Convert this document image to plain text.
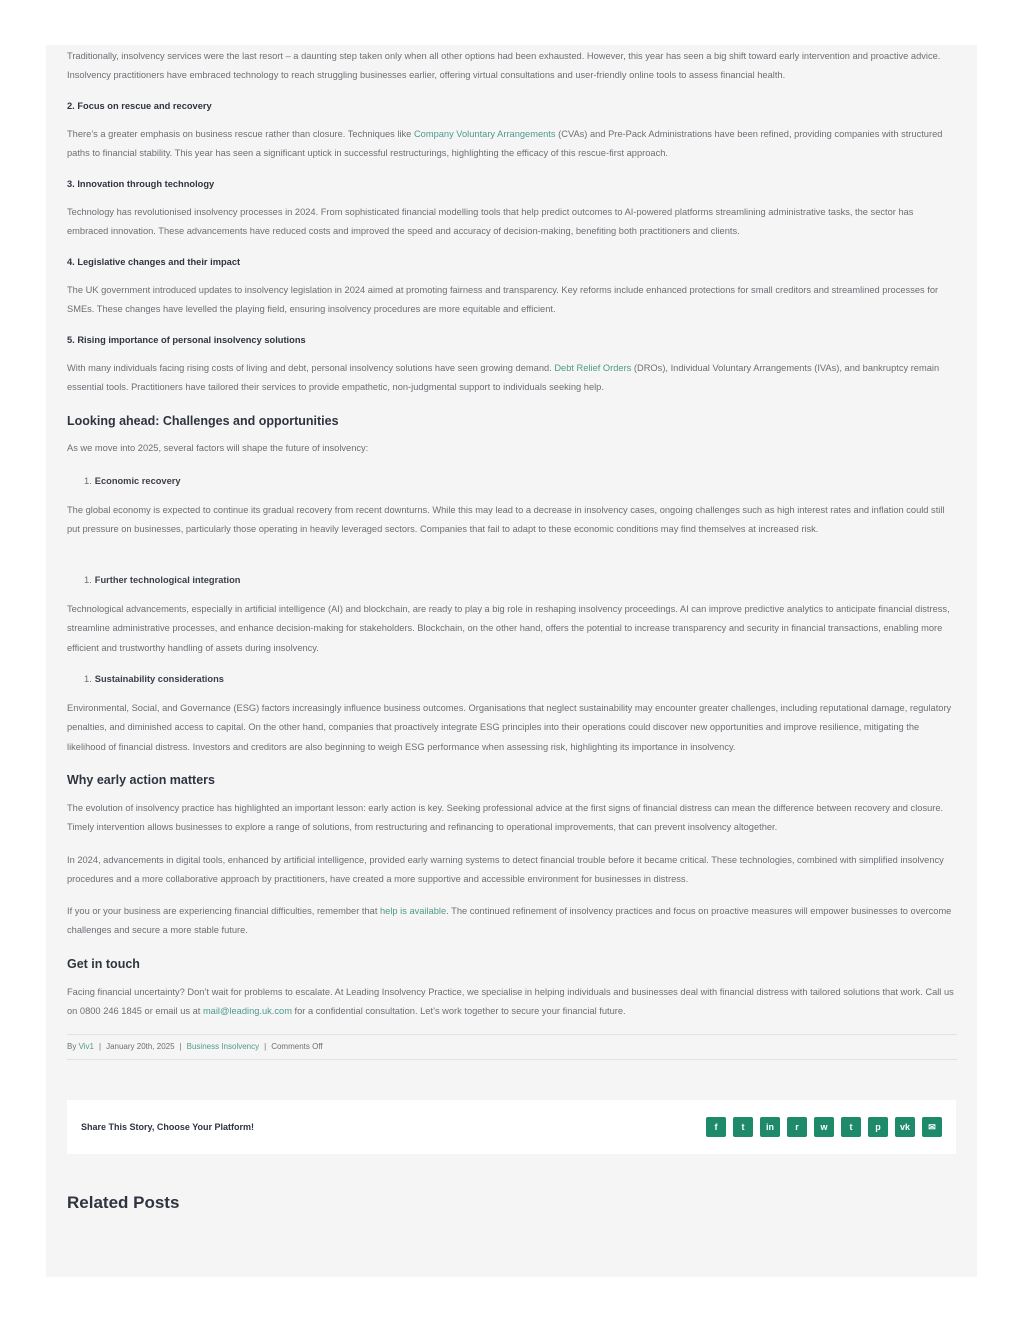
Traditionally, insolvency services were the last resort – a daunting step taken only when all other options had been exhausted. However, this year has seen a big shift toward early intervention and proactive advice. Insolvency practitioners have embraced technology to reach struggling businesses earlier, offering virtual consultations and user-friendly online tools to assess financial health.

2. Focus on rescue and recovery

There’s a greater emphasis on business rescue rather than closure. Techniques like Company Voluntary Arrangements (CVAs) and Pre-Pack Administrations have been refined, providing companies with structured paths to financial stability. This year has seen a significant uptick in successful restructurings, highlighting the efficacy of this rescue-first approach.

3. Innovation through technology

Technology has revolutionised insolvency processes in 2024. From sophisticated financial modelling tools that help predict outcomes to AI-powered platforms streamlining administrative tasks, the sector has embraced innovation. These advancements have reduced costs and improved the speed and accuracy of decision-making, benefiting both practitioners and clients.

4. Legislative changes and their impact

The UK government introduced updates to insolvency legislation in 2024 aimed at promoting fairness and transparency. Key reforms include enhanced protections for small creditors and streamlined processes for SMEs. These changes have levelled the playing field, ensuring insolvency procedures are more equitable and efficient.

5. Rising importance of personal insolvency solutions

With many individuals facing rising costs of living and debt, personal insolvency solutions have seen growing demand. Debt Relief Orders (DROs), Individual Voluntary Arrangements (IVAs), and bankruptcy remain essential tools. Practitioners have tailored their services to provide empathetic, non-judgmental support to individuals seeking help.

Looking ahead: Challenges and opportunities

As we move into 2025, several factors will shape the future of insolvency:

1. Economic recovery

The global economy is expected to continue its gradual recovery from recent downturns. While this may lead to a decrease in insolvency cases, ongoing challenges such as high interest rates and inflation could still put pressure on businesses, particularly those operating in heavily leveraged sectors. Companies that fail to adapt to these economic conditions may find themselves at increased risk.

1. Further technological integration

Technological advancements, especially in artificial intelligence (AI) and blockchain, are ready to play a big role in reshaping insolvency proceedings. AI can improve predictive analytics to anticipate financial distress, streamline administrative processes, and enhance decision-making for stakeholders. Blockchain, on the other hand, offers the potential to increase transparency and security in financial transactions, enabling more efficient and trustworthy handling of assets during insolvency.

1. Sustainability considerations

Environmental, Social, and Governance (ESG) factors increasingly influence business outcomes. Organisations that neglect sustainability may encounter greater challenges, including reputational damage, regulatory penalties, and diminished access to capital. On the other hand, companies that proactively integrate ESG principles into their operations could discover new opportunities and improve resilience, mitigating the likelihood of financial distress. Investors and creditors are also beginning to weigh ESG performance when assessing risk, highlighting its importance in insolvency.

Why early action matters

The evolution of insolvency practice has highlighted an important lesson: early action is key. Seeking professional advice at the first signs of financial distress can mean the difference between recovery and closure. Timely intervention allows businesses to explore a range of solutions, from restructuring and refinancing to operational improvements, that can prevent insolvency altogether.

In 2024, advancements in digital tools, enhanced by artificial intelligence, provided early warning systems to detect financial trouble before it became critical. These technologies, combined with simplified insolvency procedures and a more collaborative approach by practitioners, have created a more supportive and accessible environment for businesses in distress.

If you or your business are experiencing financial difficulties, remember that help is available. The continued refinement of insolvency practices and focus on proactive measures will empower businesses to overcome challenges and secure a more stable future.

Get in touch

Facing financial uncertainty? Don’t wait for problems to escalate. At Leading Insolvency Practice, we specialise in helping individuals and businesses deal with financial distress with tailored solutions that work. Call us on 0800 246 1845 or email us at mail@leading.uk.com for a confidential consultation. Let’s work together to secure your financial future.

By Viv1 | January 20th, 2025 | Business Insolvency | Comments Off
Share This Story, Choose Your Platform!	f	t	in	r	w	t	p	vk	✉
Related Posts
